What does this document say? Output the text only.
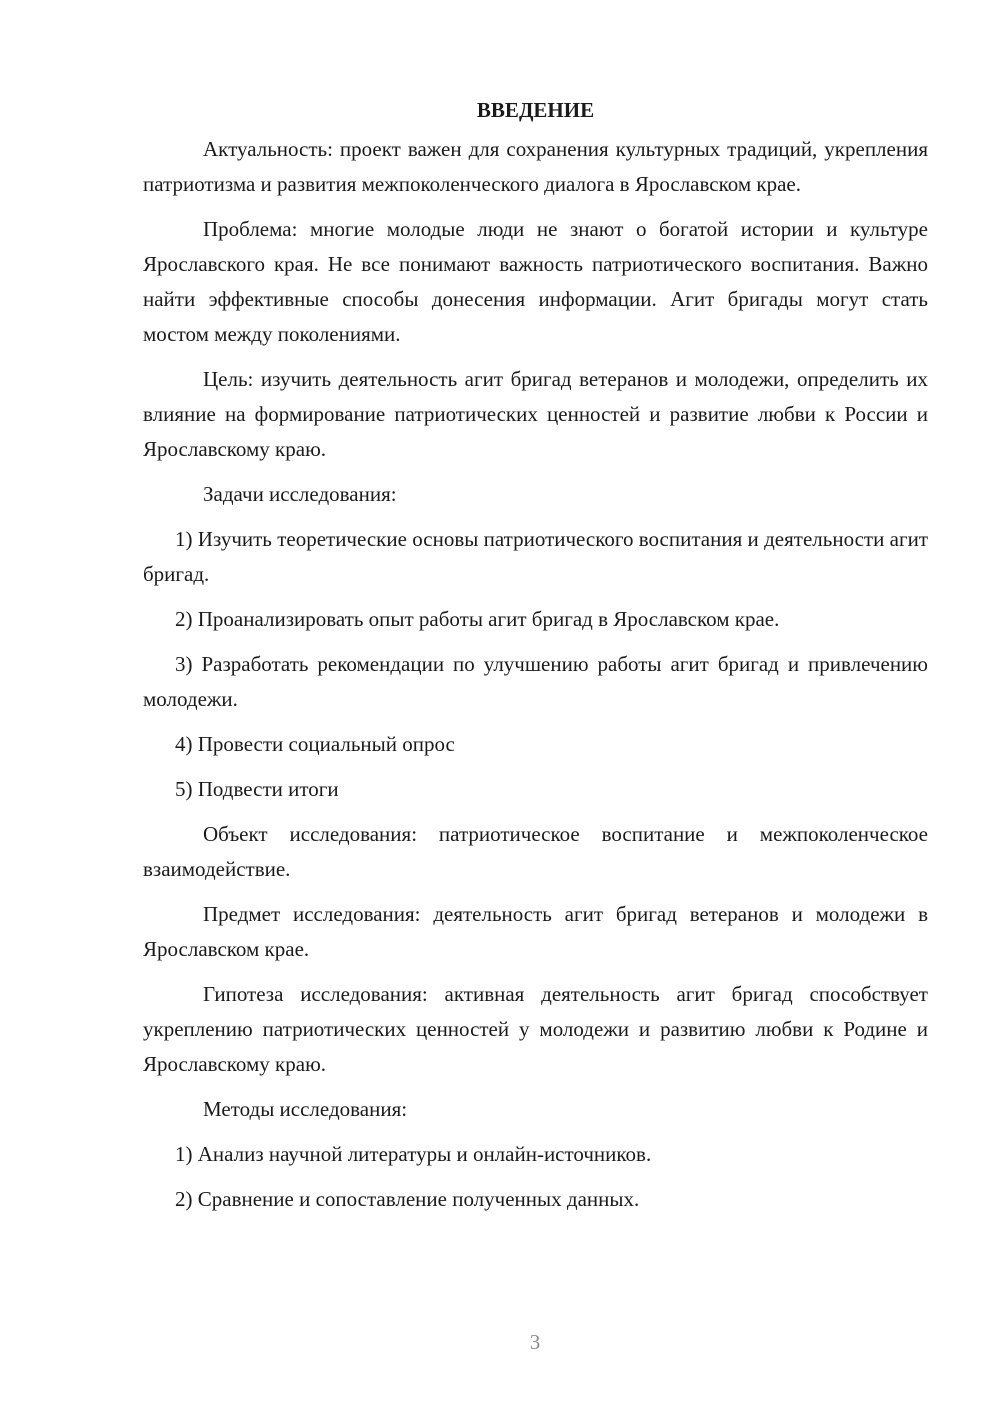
ВВЕДЕНИЕ

Актуальность: проект важен для сохранения культурных традиций, укрепления патриотизма и развития межпоколенческого диалога в Ярославском крае.

Проблема: многие молодые люди не знают о богатой истории и культуре Ярославского края. Не все понимают важность патриотического воспитания. Важно найти эффективные способы донесения информации. Агит бригады могут стать мостом между поколениями.

Цель: изучить деятельность агит бригад ветеранов и молодежи, определить их влияние на формирование патриотических ценностей и развитие любви к России и Ярославскому краю.

Задачи исследования:

1) Изучить теоретические основы патриотического воспитания и деятельности агит бригад.

2) Проанализировать опыт работы агит бригад в Ярославском крае.

3) Разработать рекомендации по улучшению работы агит бригад и привлечению молодежи.

4) Провести социальный опрос

5) Подвести итоги

Объект исследования: патриотическое воспитание и межпоколенческое взаимодействие.

Предмет исследования: деятельность агит бригад ветеранов и молодежи в Ярославском крае.

Гипотеза исследования: активная деятельность агит бригад способствует укреплению патриотических ценностей у молодежи и развитию любви к Родине и Ярославскому краю.

Методы исследования:

1) Анализ научной литературы и онлайн-источников.

2) Сравнение и сопоставление полученных данных.

3
